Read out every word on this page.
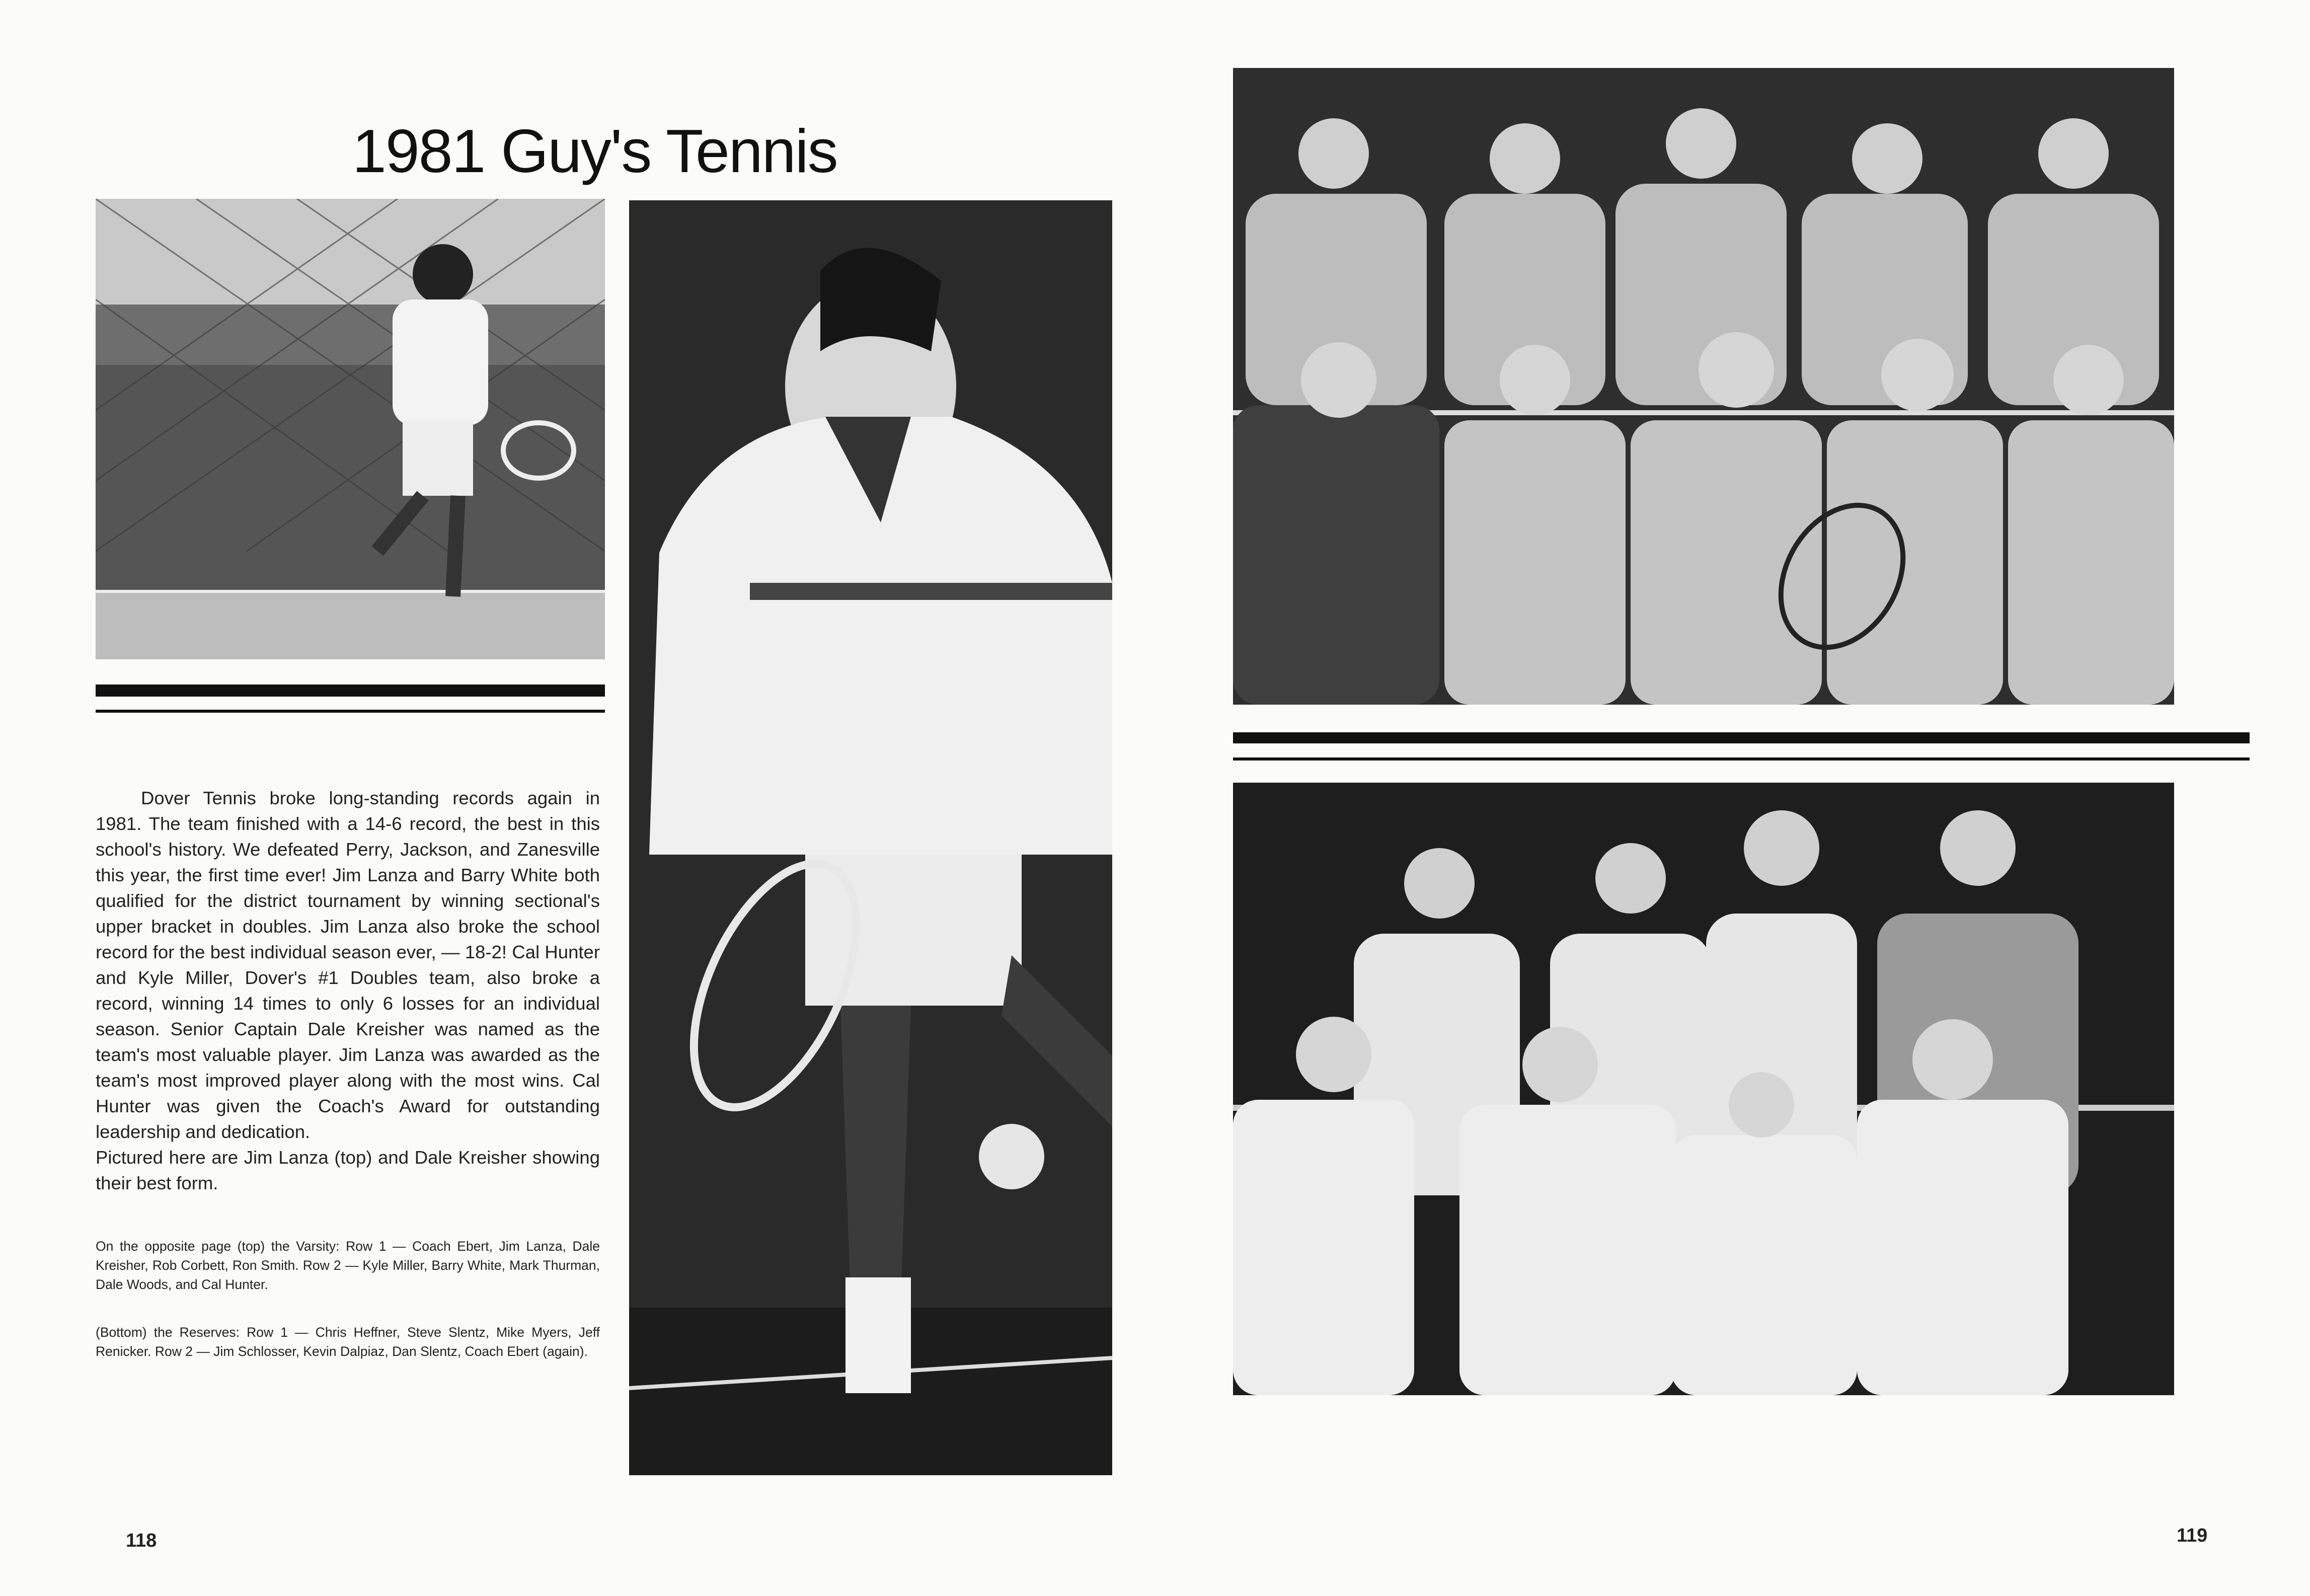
1981 Guy's Tennis

Dover Tennis broke long-standing records again in 1981. The team finished with a 14-6 record, the best in this school's history. We defeated Perry, Jackson, and Zanesville this year, the first time ever! Jim Lanza and Barry White both qualified for the district tournament by winning sectional's upper bracket in doubles. Jim Lanza also broke the school record for the best individual season ever, — 18-2! Cal Hunter and Kyle Miller, Dover's #1 Doubles team, also broke a record, winning 14 times to only 6 losses for an individual season. Senior Captain Dale Kreisher was named as the team's most valuable player. Jim Lanza was awarded as the team's most improved player along with the most wins. Cal Hunter was given the Coach's Award for outstanding leadership and dedication.

Pictured here are Jim Lanza (top) and Dale Kreisher showing their best form.

On the opposite page (top) the Varsity: Row 1 — Coach Ebert, Jim Lanza, Dale Kreisher, Rob Corbett, Ron Smith. Row 2 — Kyle Miller, Barry White, Mark Thurman, Dale Woods, and Cal Hunter.
(Bottom) the Reserves: Row 1 — Chris Heffner, Steve Slentz, Mike Myers, Jeff Renicker. Row 2 — Jim Schlosser, Kevin Dalpiaz, Dan Slentz, Coach Ebert (again).
118	119
